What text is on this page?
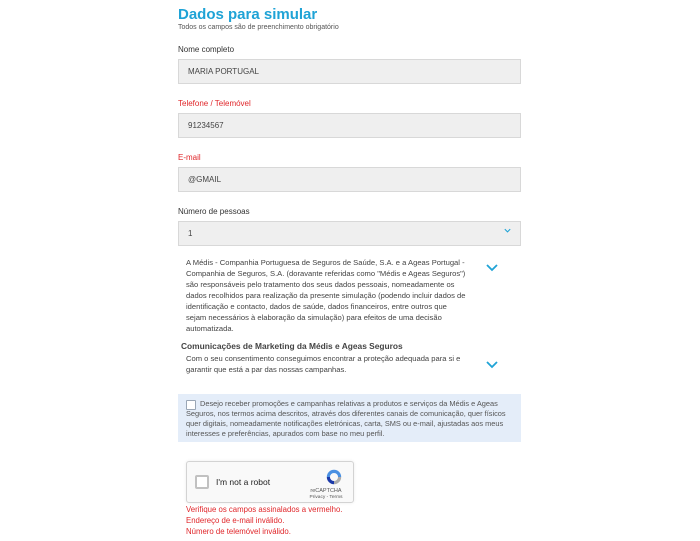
Dados para simular
Todos os campos são de preenchimento obrigatório
Nome completo
MARIA PORTUGAL
Telefone / Telemóvel
91234567
E-mail
@GMAIL
Número de pessoas
1
A Médis - Companhia Portuguesa de Seguros de Saúde, S.A. e a Ageas Portugal - Companhia de Seguros, S.A. (doravante referidas como "Médis e Ageas Seguros") são responsáveis pelo tratamento dos seus dados pessoais, nomeadamente os dados recolhidos para realização da presente simulação (podendo incluir dados de identificação e contacto, dados de saúde, dados financeiros, entre outros que sejam necessários à elaboração da simulação) para efeitos de uma decisão automatizada.
Comunicações de Marketing da Médis e Ageas Seguros
Com o seu consentimento conseguimos encontrar a proteção adequada para si e garantir que está a par das nossas campanhas.
Desejo receber promoções e campanhas relativas a produtos e serviços da Médis e Ageas Seguros, nos termos acima descritos, através dos diferentes canais de comunicação, quer físicos quer digitais, nomeadamente notificações eletrónicas, carta, SMS ou e-mail, ajustadas aos meus interesses e preferências, apurados com base no meu perfil.
I'm not a robot
reCAPTCHA
Privacy - Terms
Verifique os campos assinalados a vermelho.
Endereço de e-mail inválido.
Número de telemóvel inválido.
